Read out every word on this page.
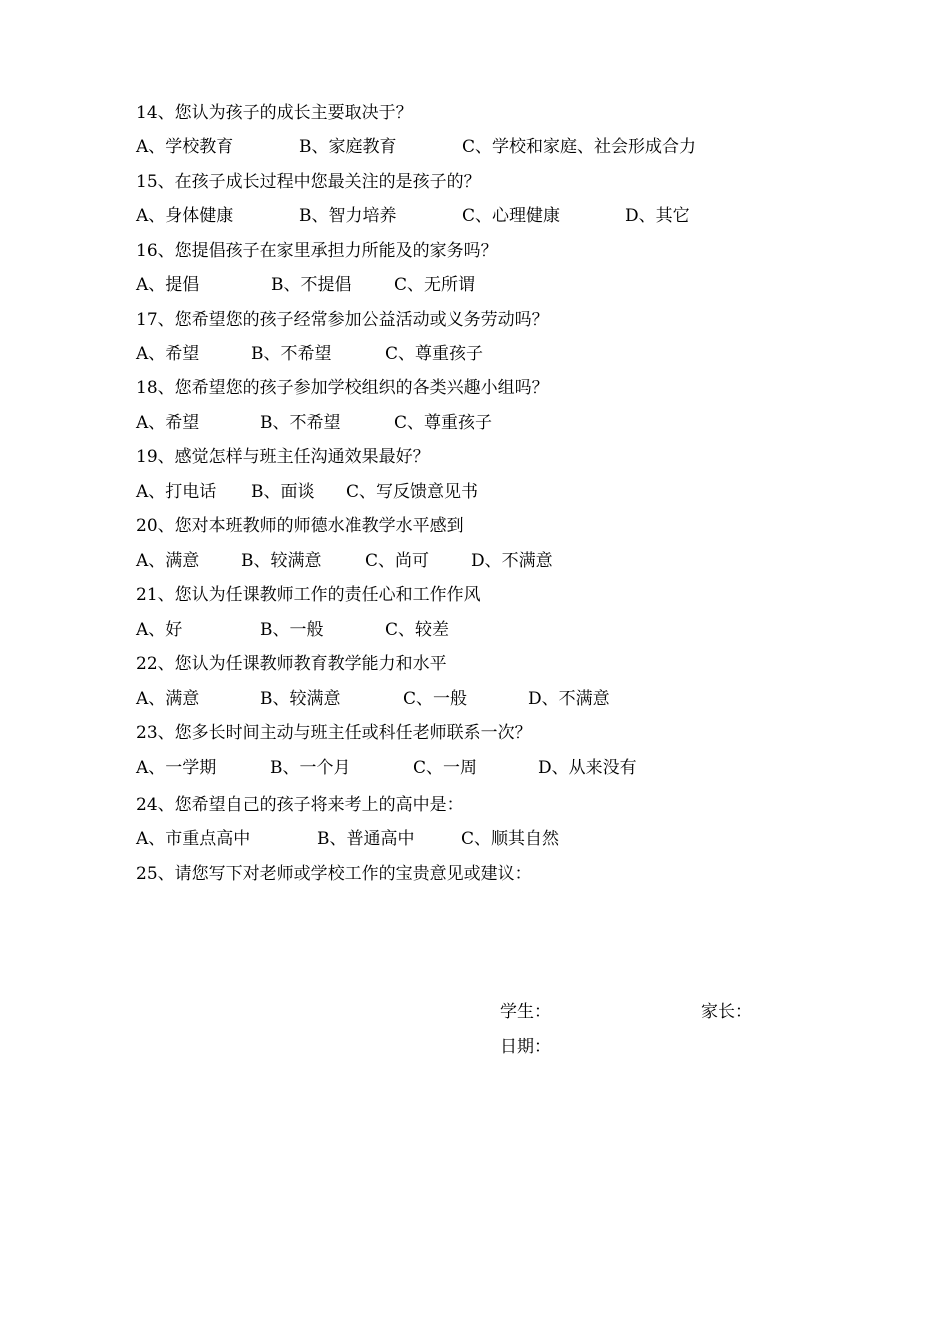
14、您认为孩子的成长主要取决于？
A、学校教育	B、家庭教育	C、学校和家庭、社会形成合力
15、在孩子成长过程中您最关注的是孩子的？
A、身体健康	B、智力培养	C、心理健康	D、其它
16、您提倡孩子在家里承担力所能及的家务吗？
A、提倡	B、不提倡	C、无所谓
17、您希望您的孩子经常参加公益活动或义务劳动吗？
A、希望	B、不希望	C、尊重孩子
18、您希望您的孩子参加学校组织的各类兴趣小组吗？
A、希望	B、不希望	C、尊重孩子
19、感觉怎样与班主任沟通效果最好？
A、打电话 B、面谈 C、写反馈意见书
20、您对本班教师的师德水准教学水平感到
A、满意 B、较满意	C、尚可 D、不满意
21、您认为任课教师工作的责任心和工作作风
A、好	B、一般	C、较差
22、您认为任课教师教育教学能力和水平
A、满意	B、较满意	C、一般	D、不满意
23、您多长时间主动与班主任或科任老师联系一次？
A、一学期	B、一个月	C、一周	D、从来没有
24、您希望自己的孩子将来考上的高中是：
A、市重点高中	B、普通高中	C、顺其自然
25、请您写下对老师或学校工作的宝贵意见或建议：
学生：	家长：
日期：
